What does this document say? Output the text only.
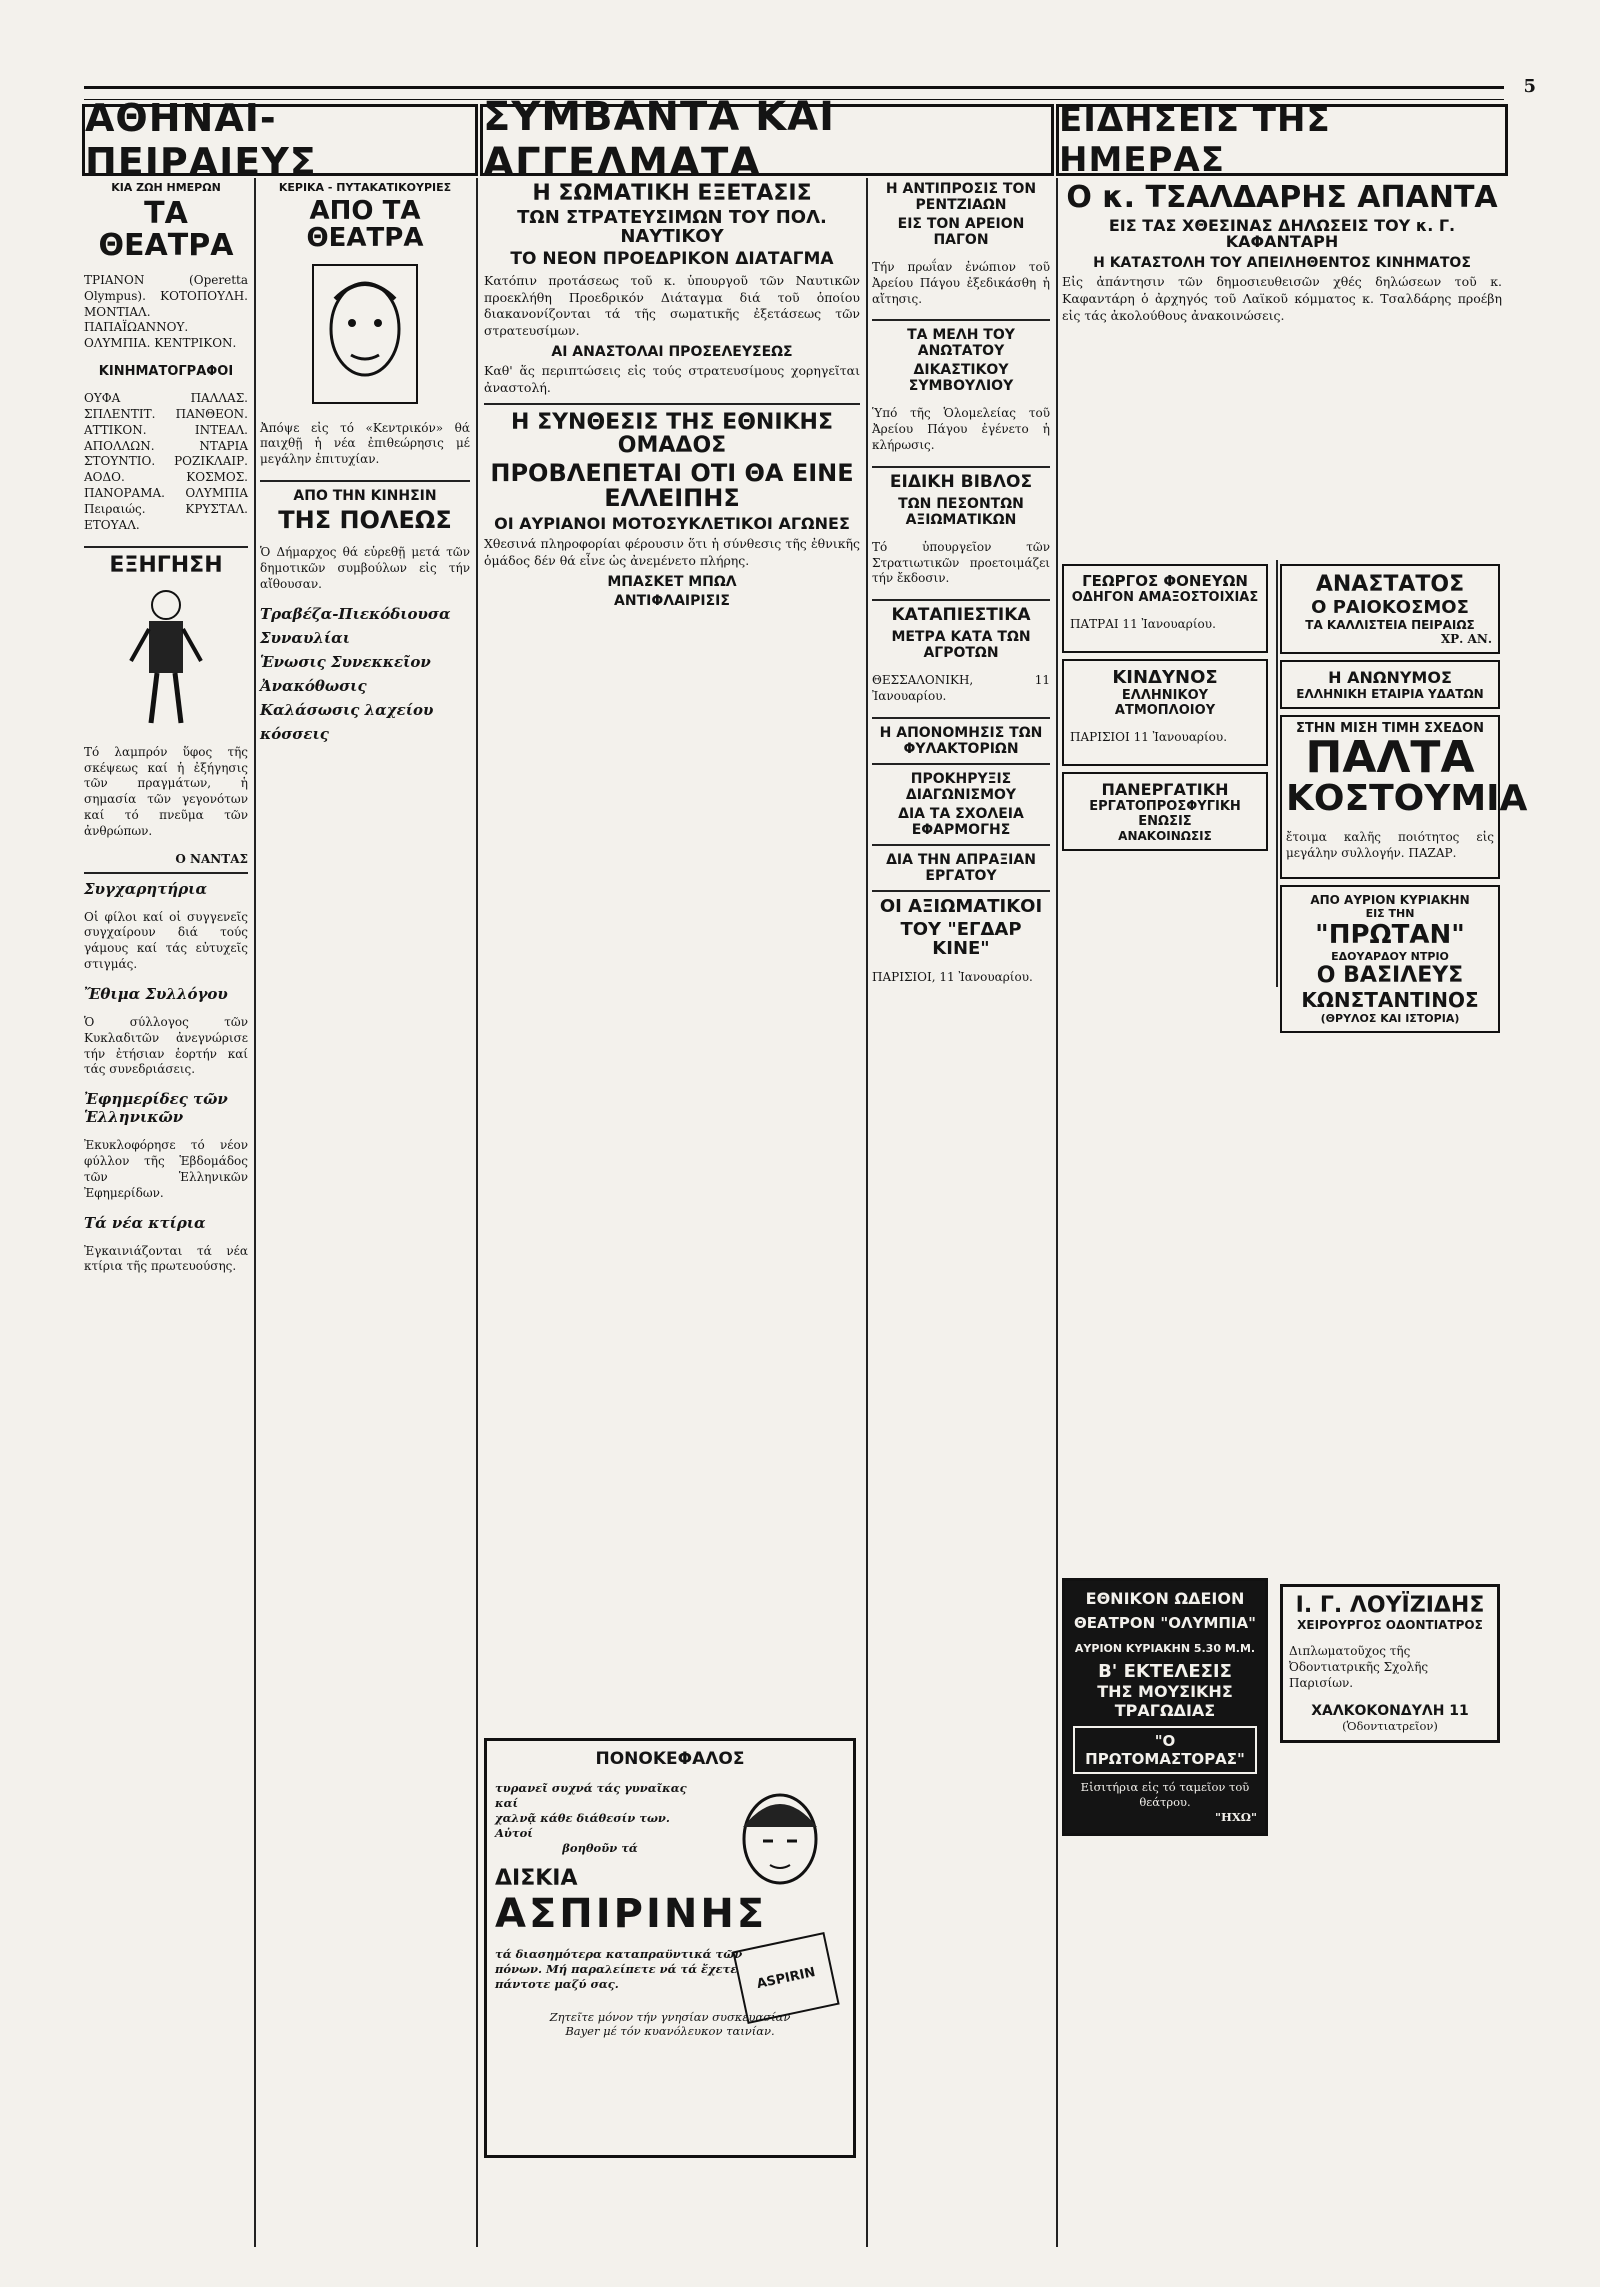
5
ΑΘΗΝΑΙ-ΠΕΙΡΑΙΕΥΣ
ΣΥΜΒΑΝΤΑ ΚΑΙ ΑΓΓΕΛΜΑΤΑ
ΕΙΔΗΣΕΙΣ ΤΗΣ ΗΜΕΡΑΣ
ΚΙΑ ΖΩΗ ΗΜΕΡΩΝ
ΤΑ ΘΕΑΤΡΑ

ΤΡΙΑΝΟΝ (Operetta Olympus). ΚΟΤΟΠΟΥΛΗ. ΜΟΝΤΙΑΛ. ΠΑΠΑΪΩΑΝΝΟΥ. ΟΛΥΜΠΙΑ. ΚΕΝΤΡΙΚΟΝ.

ΚΙΝΗΜΑΤΟΓΡΑΦΟΙ

ΟΥΦΑ ΠΑΛΛΑΣ. ΣΠΛΕΝΤΙΤ. ΠΑΝΘΕΟΝ. ΑΤΤΙΚΟΝ. ΙΝΤΕΑΛ. ΑΠΟΛΛΩΝ. ΝΤΑΡΙΑ ΣΤΟΥΝΤΙΟ. ΡΟΖΙΚΛΑΙΡ. ΑΟΔΟ. ΚΟΣΜΟΣ. ΠΑΝΟΡΑΜΑ. ΟΛΥΜΠΙΑ Πειραιώς. ΚΡΥΣΤΑΛ. ΕΤΟΥΑΛ.

ΕΞΗΓΗΣΗ

Τό λαμπρόν ὕφος τῆς σκέψεως καί ἡ ἐξήγησις τῶν πραγμάτων, ἡ σημασία τῶν γεγονότων καί τό πνεῦμα τῶν ἀνθρώπων.

Ο ΝΑΝΤΑΣ
Συγχαρητήρια

Οἱ φίλοι καί οἱ συγγενεῖς συγχαίρουν διά τούς γάμους καί τάς εὐτυχεῖς στιγμάς.

Ἔθιμα Συλλόγου

Ὁ σύλλογος τῶν Κυκλαδιτῶν ἀνεγνώρισε τήν ἐτήσιαν ἑορτήν καί τάς συνεδριάσεις.

Ἐφημερίδες τῶν Ἑλληνικῶν

Ἐκυκλοφόρησε τό νέον φύλλον τῆς Ἑβδομάδος τῶν Ἑλληνικῶν Ἐφημερίδων.

Τά νέα κτίρια

Ἐγκαινιάζονται τά νέα κτίρια τῆς πρωτευούσης.

ΚΕΡΙΚΑ - ΠΥΤΑΚΑΤΙΚΟΥΡΙΕΣ
ΑΠΟ ΤΑ ΘΕΑΤΡΑ

Ἀπόψε εἰς τό «Κεντρικόν» θά παιχθῇ ἡ νέα ἐπιθεώρησις μέ μεγάλην ἐπιτυχίαν.

ΑΠΟ ΤΗΝ ΚΙΝΗΣΙΝ
ΤΗΣ ΠΟΛΕΩΣ

Ὁ Δήμαρχος θά εὑρεθῇ μετά τῶν δημοτικῶν συμβούλων εἰς τήν αἴθουσαν.

Τραβέζα-Πιεκόδιουσα
Συναυλίαι
Ἑνωσις Συνεκκεῖον
Ἀνακόθωσις
Καλάσωσις λαχείου
κόσσεις
Η ΣΩΜΑΤΙΚΗ ΕΞΕΤΑΣΙΣ
ΤΩΝ ΣΤΡΑΤΕΥΣΙΜΩΝ ΤΟΥ ΠΟΛ. ΝΑΥΤΙΚΟΥ
ΤΟ ΝΕΟΝ ΠΡΟΕΔΡΙΚΟΝ ΔΙΑΤΑΓΜΑ

Κατόπιν προτάσεως τοῦ κ. ὑπουργοῦ τῶν Ναυτικῶν προεκλήθη Προεδρικόν Διάταγμα διά τοῦ ὁποίου διακανονίζονται τά τῆς σωματικῆς ἐξετάσεως τῶν στρατευσίμων.

ΑΙ ΑΝΑΣΤΟΛΑΙ ΠΡΟΣΕΛΕΥΣΕΩΣ

Καθ' ἅς περιπτώσεις εἰς τούς στρατευσίμους χορηγεῖται ἀναστολή.

Η ΣΥΝΘΕΣΙΣ ΤΗΣ ΕΘΝΙΚΗΣ ΟΜΑΔΟΣ
ΠΡΟΒΛΕΠΕΤΑΙ ΟΤΙ ΘΑ ΕΙΝΕ ΕΛΛΕΙΠΗΣ
ΟΙ ΑΥΡΙΑΝΟΙ ΜΟΤΟΣΥΚΛΕΤΙΚΟΙ ΑΓΩΝΕΣ

Χθεσινά πληροφορίαι φέρουσιν ὅτι ἡ σύνθεσις τῆς ἐθνικῆς ὁμάδος δέν θά εἶνε ὡς ἀνεμένετο πλήρης.

ΜΠΑΣΚΕΤ ΜΠΩΛ
ΑΝΤΙΦΛΑΙΡΙΣΙΣ
ΠΟΝΟΚΕΦΑΛΟΣ
τυρανεῖ συχνά τάς γυναῖκας καί
χαλνᾷ κάθε διάθεσίν των. Αὐτοί
βοηθοῦν τά
ΔΙΣΚΙΑ
ΑΣΠΙΡΙΝΗΣ
ASPIRIN
τά διασημότερα καταπραϋντικά τῶν
πόνων. Μή παραλείπετε νά τά ἔχετε
πάντοτε μαζύ σας.
Ζητεῖτε μόνον τήν γνησίαν συσκευασίαν
Bayer μέ τόν κυανόλευκον ταινίαν.
Η ΑΝΤΙΠΡΟΣΙΣ ΤΟΝ ΡΕΝΤΖΙΑΩΝ
ΕΙΣ ΤΟΝ ΑΡΕΙΟΝ ΠΑΓΟΝ

Τήν πρωΐαν ἐνώπιον τοῦ Ἀρείου Πάγου ἐξεδικάσθη ἡ αἴτησις.

ΤΑ ΜΕΛΗ ΤΟΥ ΑΝΩΤΑΤΟΥ
ΔΙΚΑΣΤΙΚΟΥ ΣΥΜΒΟΥΛΙΟΥ

Ὑπό τῆς Ὁλομελείας τοῦ Ἀρείου Πάγου ἐγένετο ἡ κλήρωσις.

ΕΙΔΙΚΗ ΒΙΒΛΟΣ
ΤΩΝ ΠΕΣΟΝΤΩΝ ΑΞΙΩΜΑΤΙΚΩΝ

Τό ὑπουργεῖον τῶν Στρατιωτικῶν προετοιμάζει τήν ἔκδοσιν.

ΚΑΤΑΠΙΕΣΤΙΚΑ
ΜΕΤΡΑ ΚΑΤΑ ΤΩΝ ΑΓΡΟΤΩΝ

ΘΕΣΣΑΛΟΝΙΚΗ, 11 Ἰανουαρίου.

Η ΑΠΟΝΟΜΗΣΙΣ ΤΩΝ ΦΥΛΑΚΤΟΡΙΩΝ
ΠΡΟΚΗΡΥΞΙΣ ΔΙΑΓΩΝΙΣΜΟΥ
ΔΙΑ ΤΑ ΣΧΟΛΕΙΑ ΕΦΑΡΜΟΓΗΣ
ΔΙΑ ΤΗΝ ΑΠΡΑΞΙΑΝ ΕΡΓΑΤΟΥ
ΟΙ ΑΞΙΩΜΑΤΙΚΟΙ
ΤΟΥ "ΕΓΔΑΡ ΚΙΝΕ"

ΠΑΡΙΣΙΟΙ, 11 Ἰανουαρίου.

Ο κ. ΤΣΑΛΔΑΡΗΣ ΑΠΑΝΤΑ
ΕΙΣ ΤΑΣ ΧΘΕΣΙΝΑΣ ΔΗΛΩΣΕΙΣ ΤΟΥ κ. Γ. ΚΑΦΑΝΤΑΡΗ
Η ΚΑΤΑΣΤΟΛΗ ΤΟΥ ΑΠΕΙΛΗΘΕΝΤΟΣ ΚΙΝΗΜΑΤΟΣ

Εἰς ἀπάντησιν τῶν δημοσιευθεισῶν χθές δηλώσεων τοῦ κ. Καφαντάρη ὁ ἀρχηγός τοῦ Λαϊκοῦ κόμματος κ. Τσαλδάρης προέβη εἰς τάς ἀκολούθους ἀνακοινώσεις.

ΓΕΩΡΓΟΣ ΦΟΝΕΥΩΝ
ΟΔΗΓΟΝ ΑΜΑΞΟΣΤΟΙΧΙΑΣ

ΠΑΤΡΑΙ 11 Ἰανουαρίου.

ΚΙΝΔΥΝΟΣ
ΕΛΛΗΝΙΚΟΥ ΑΤΜΟΠΛΟΙΟΥ

ΠΑΡΙΣΙΟΙ 11 Ἰανουαρίου.

ΠΑΝΕΡΓΑΤΙΚΗ
ΕΡΓΑΤΟΠΡΟΣΦΥΓΙΚΗ ΕΝΩΣΙΣ
ΑΝΑΚΟΙΝΩΣΙΣ
ΑΝΑΣΤΑΤΟΣ
Ο ΡΑΙΟΚΟΣΜΟΣ
ΤΑ ΚΑΛΛΙΣΤΕΙΑ ΠΕΙΡΑΙΩΣ
ΧΡ. ΑΝ.
Η ΑΝΩΝΥΜΟΣ
ΕΛΛΗΝΙΚΗ ΕΤΑΙΡΙΑ ΥΔΑΤΩΝ
ΣΤΗΝ ΜΙΣΗ ΤΙΜΗ ΣΧΕΔΟΝ
ΠΑΛΤΑ
ΚΟΣΤΟΥΜΙΑ

ἔτοιμα καλῆς ποιότητος εἰς μεγάλην συλλογήν. ΠΑΖΑΡ.

ΑΠΟ ΑΥΡΙΟΝ ΚΥΡΙΑΚΗΝ
ΕΙΣ ΤΗΝ
"ΠΡΩΤΑΝ"
ΕΔΟΥΑΡΔΟΥ ΝΤΡΙΟ
Ο ΒΑΣΙΛΕΥΣ
ΚΩΝΣΤΑΝΤΙΝΟΣ
(ΘΡΥΛΟΣ ΚΑΙ ΙΣΤΟΡΙΑ)
ΕΘΝΙΚΟΝ ΩΔΕΙΟΝ
ΘΕΑΤΡΟΝ "ΟΛΥΜΠΙΑ"
ΑΥΡΙΟΝ ΚΥΡΙΑΚΗΝ 5.30 Μ.Μ.
Β' ΕΚΤΕΛΕΣΙΣ
ΤΗΣ ΜΟΥΣΙΚΗΣ
ΤΡΑΓΩΔΙΑΣ
"Ο ΠΡΩΤΟΜΑΣΤΟΡΑΣ"
Εἰσιτήρια εἰς τό ταμεῖον τοῦ θεάτρου.
"ΗΧΩ"
Ι. Γ. ΛΟΥΪΖΙΔΗΣ
ΧΕΙΡΟΥΡΓΟΣ ΟΔΟΝΤΙΑΤΡΟΣ

Διπλωματοῦχος τῆς Ὀδοντιατρικῆς Σχολῆς Παρισίων.

ΧΑΛΚΟΚΟΝΔΥΛΗ 11
(Ὁδοντιατρεῖον)
